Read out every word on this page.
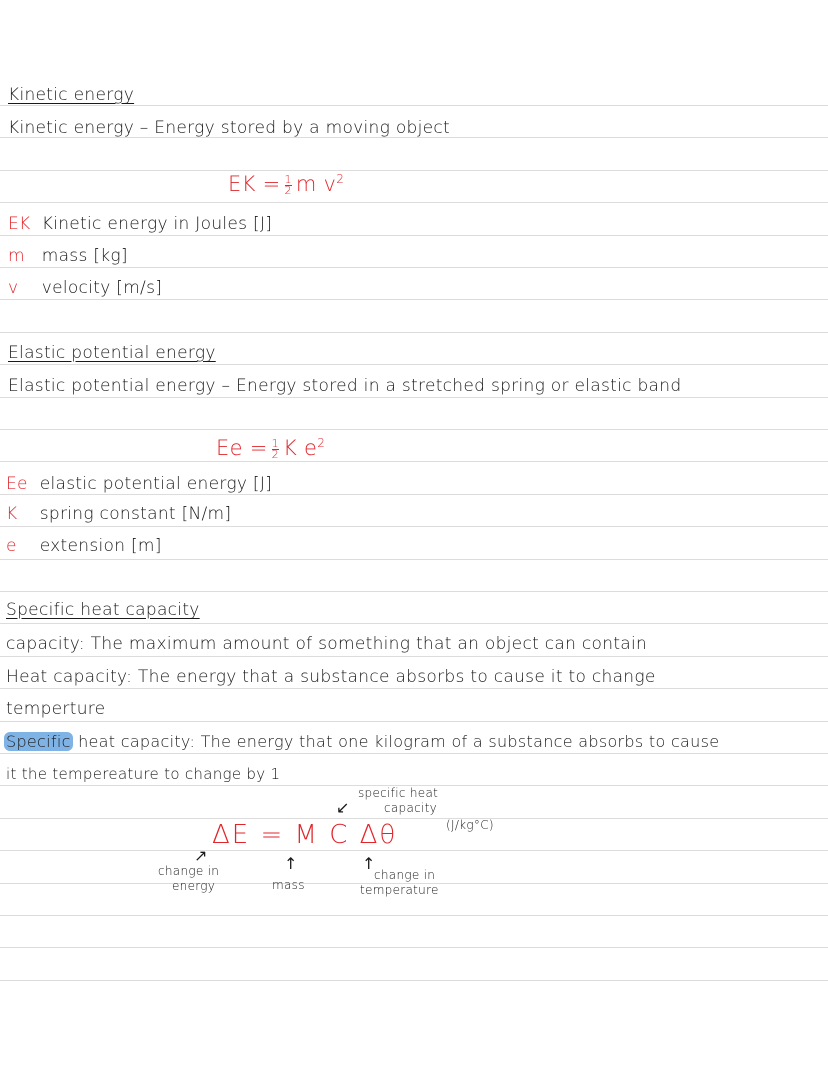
Kinetic energy
Kinetic energy – Energy stored by a moving object
EK = $\frac{1}{2}$ m $v^2$
EK Kinetic energy in Joules [J]
m mass [kg]
v velocity [m/s]
Elastic potential energy
Elastic potential energy – Energy stored in a stretched spring or elastic band
$Ee = \frac{1}{2}$ K $e^2$
Ee elastic potential energy [J]
K spring constant [N/m]
e extension [m]
Specific heat capacity
capacity: The maximum amount of something that an object can contain
Heat capacity: The energy that a substance absorbs to cause it to change
temperture
Specific heat capacity: The energy that one kilogram of a substance absorbs to cause
it the tempereature to change by 1
ΔE = M C Δθ
specific heat
capacity
(J/kg°C)
↙
change in
energy
↗	↑
mass
↑
change in
temperature
